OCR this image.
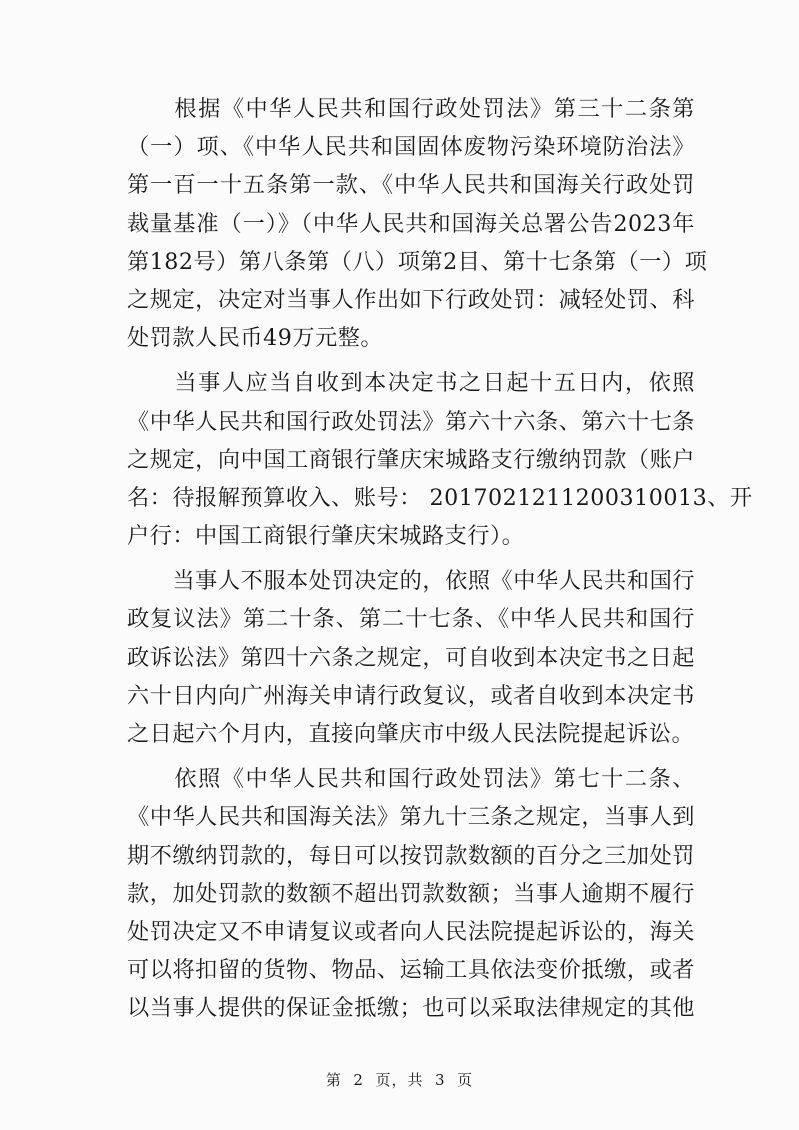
　　根据《中华人民共和国行政处罚法》第三十二条第
（一）项、《中华人民共和国固体废物污染环境防治法》
第一百一十五条第一款、《中华人民共和国海关行政处罚
裁量基准（一）》（中华人民共和国海关总署公告2023年
第182号）第八条第（八）项第2目、第十七条第（一）项
之规定，决定对当事人作出如下行政处罚：减轻处罚、科
处罚款人民币49万元整。
　　当事人应当自收到本决定书之日起十五日内，依照
《中华人民共和国行政处罚法》第六十六条、第六十七条
之规定，向中国工商银行肇庆宋城路支行缴纳罚款（账户
名：待报解预算收入、账号： 2017021211200310013、开
户行：中国工商银行肇庆宋城路支行）。
　　当事人不服本处罚决定的，依照《中华人民共和国行
政复议法》第二十条、第二十七条、《中华人民共和国行
政诉讼法》第四十六条之规定，可自收到本决定书之日起
六十日内向广州海关申请行政复议，或者自收到本决定书
之日起六个月内，直接向肇庆市中级人民法院提起诉讼。
　　依照《中华人民共和国行政处罚法》第七十二条、
《中华人民共和国海关法》第九十三条之规定，当事人到
期不缴纳罚款的，每日可以按罚款数额的百分之三加处罚
款，加处罚款的数额不超出罚款数额；当事人逾期不履行
处罚决定又不申请复议或者向人民法院提起诉讼的，海关
可以将扣留的货物、物品、运输工具依法变价抵缴，或者
以当事人提供的保证金抵缴；也可以采取法律规定的其他
第  2  页，共  3  页
